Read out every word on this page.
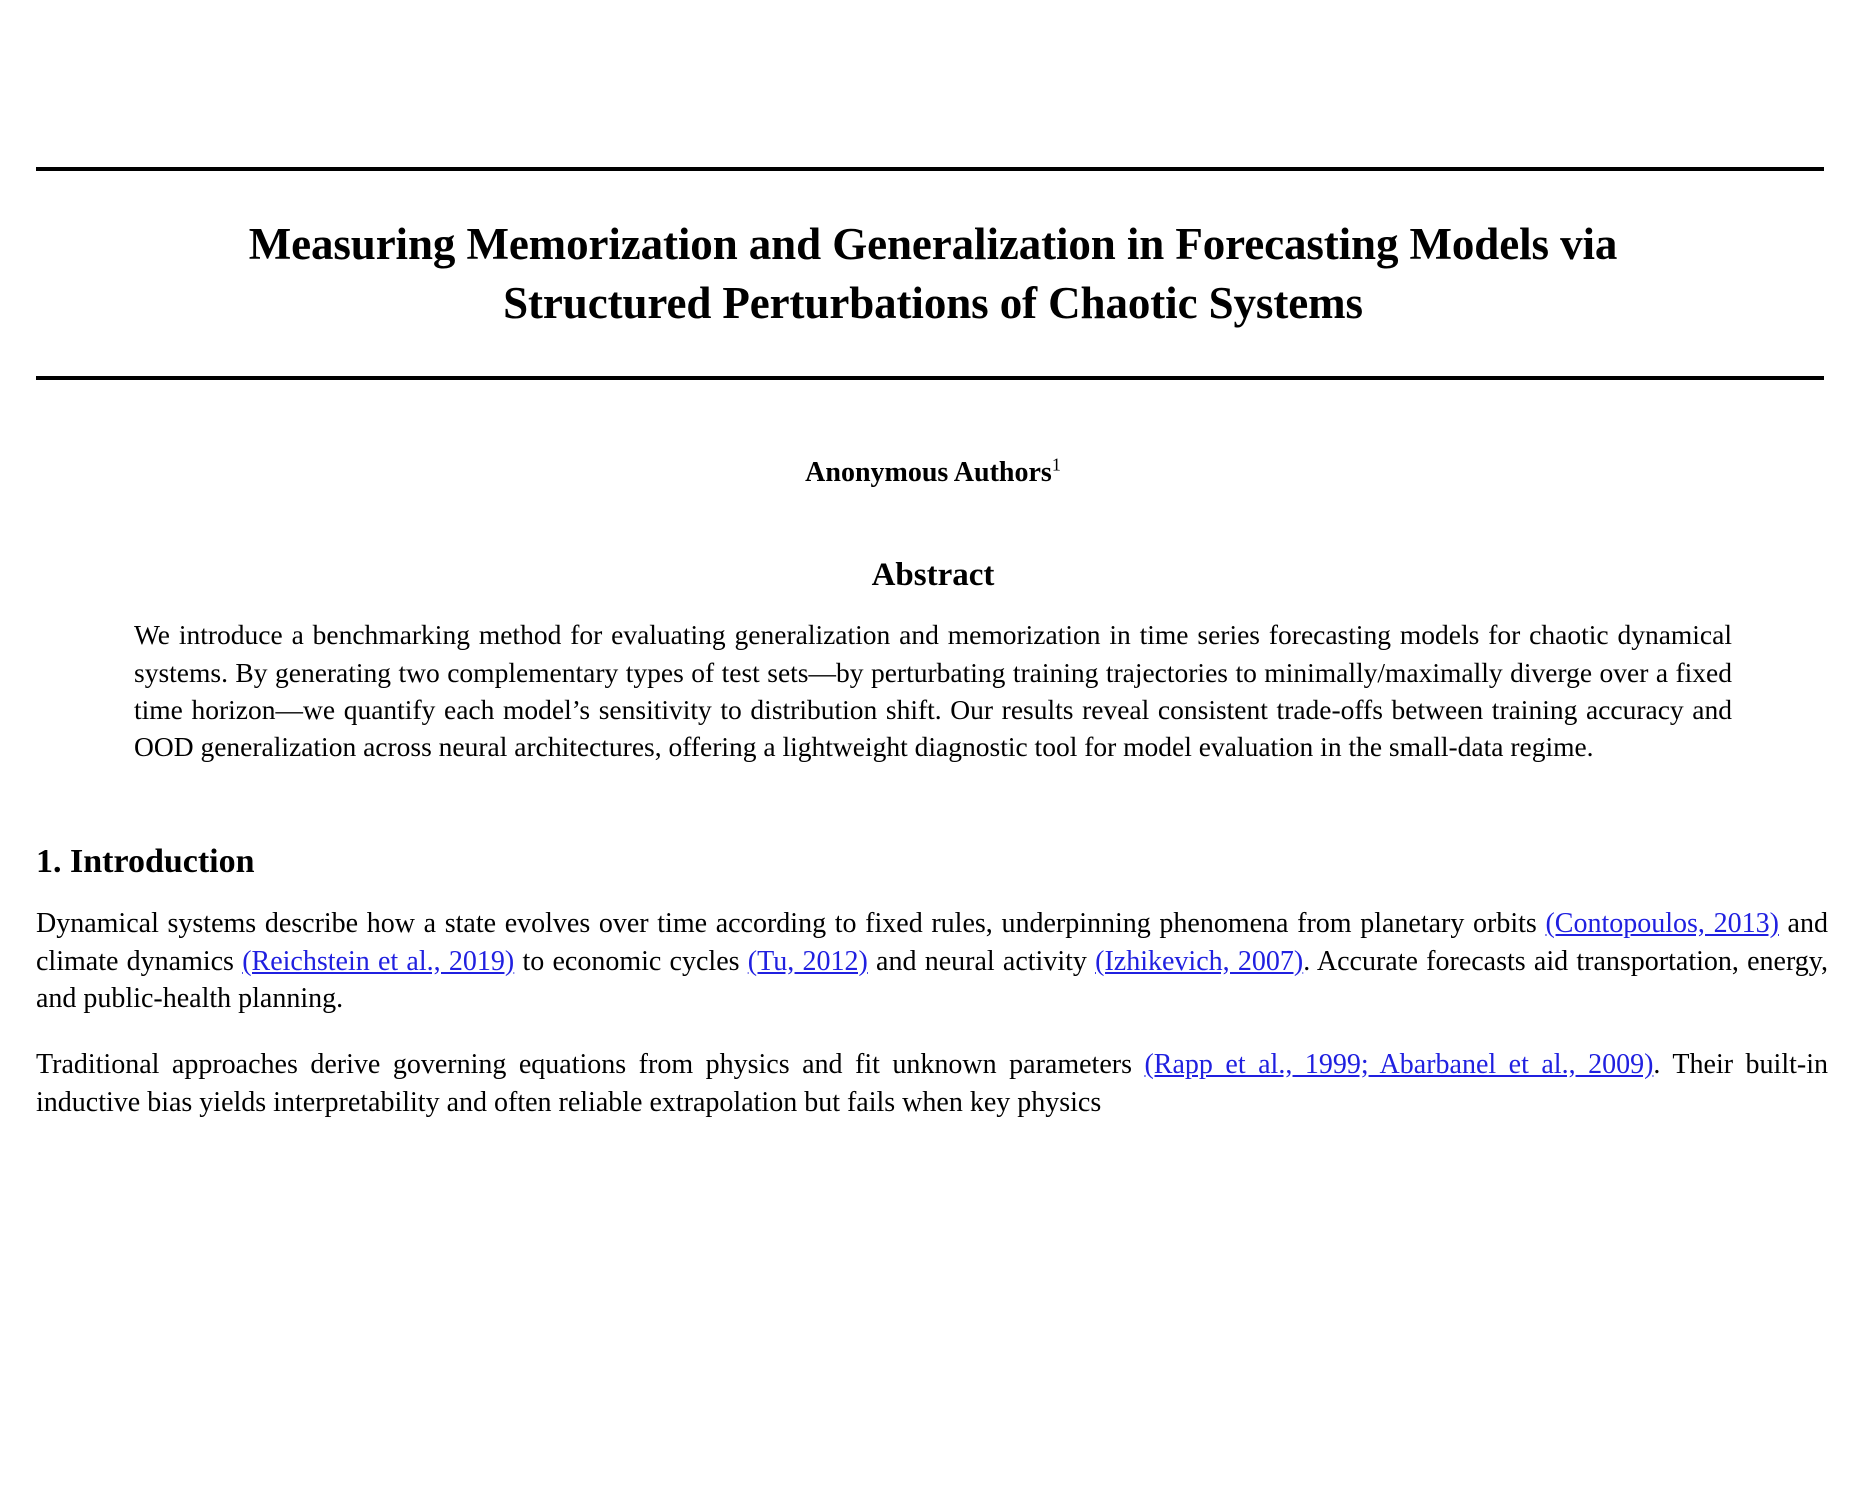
Measuring Memorization and Generalization in Forecasting Models via Structured Perturbations of Chaotic Systems
Anonymous Authors$^1$
Abstract

We introduce a benchmarking method for evaluating generalization and memorization in time series forecasting models for chaotic dynamical systems. By generating two complementary types of test sets—by perturbating training trajectories to minimally/maximally diverge over a fixed time horizon—we quantify each model’s sensitivity to distribution shift. Our results reveal consistent trade-offs between training accuracy and OOD generalization across neural architectures, offering a lightweight diagnostic tool for model evaluation in the small-data regime.

1. Introduction

Dynamical systems describe how a state evolves over time according to fixed rules, underpinning phenomena from planetary orbits (Contopoulos, 2013) and climate dynamics (Reichstein et al., 2019) to economic cycles (Tu, 2012) and neural activity (Izhikevich, 2007). Accurate forecasts aid transportation, energy, and public-health planning.

Traditional approaches derive governing equations from physics and fit unknown parameters (Rapp et al., 1999; Abarbanel et al., 2009). Their built-in inductive bias yields interpretability and often reliable extrapolation but fails when key physics
